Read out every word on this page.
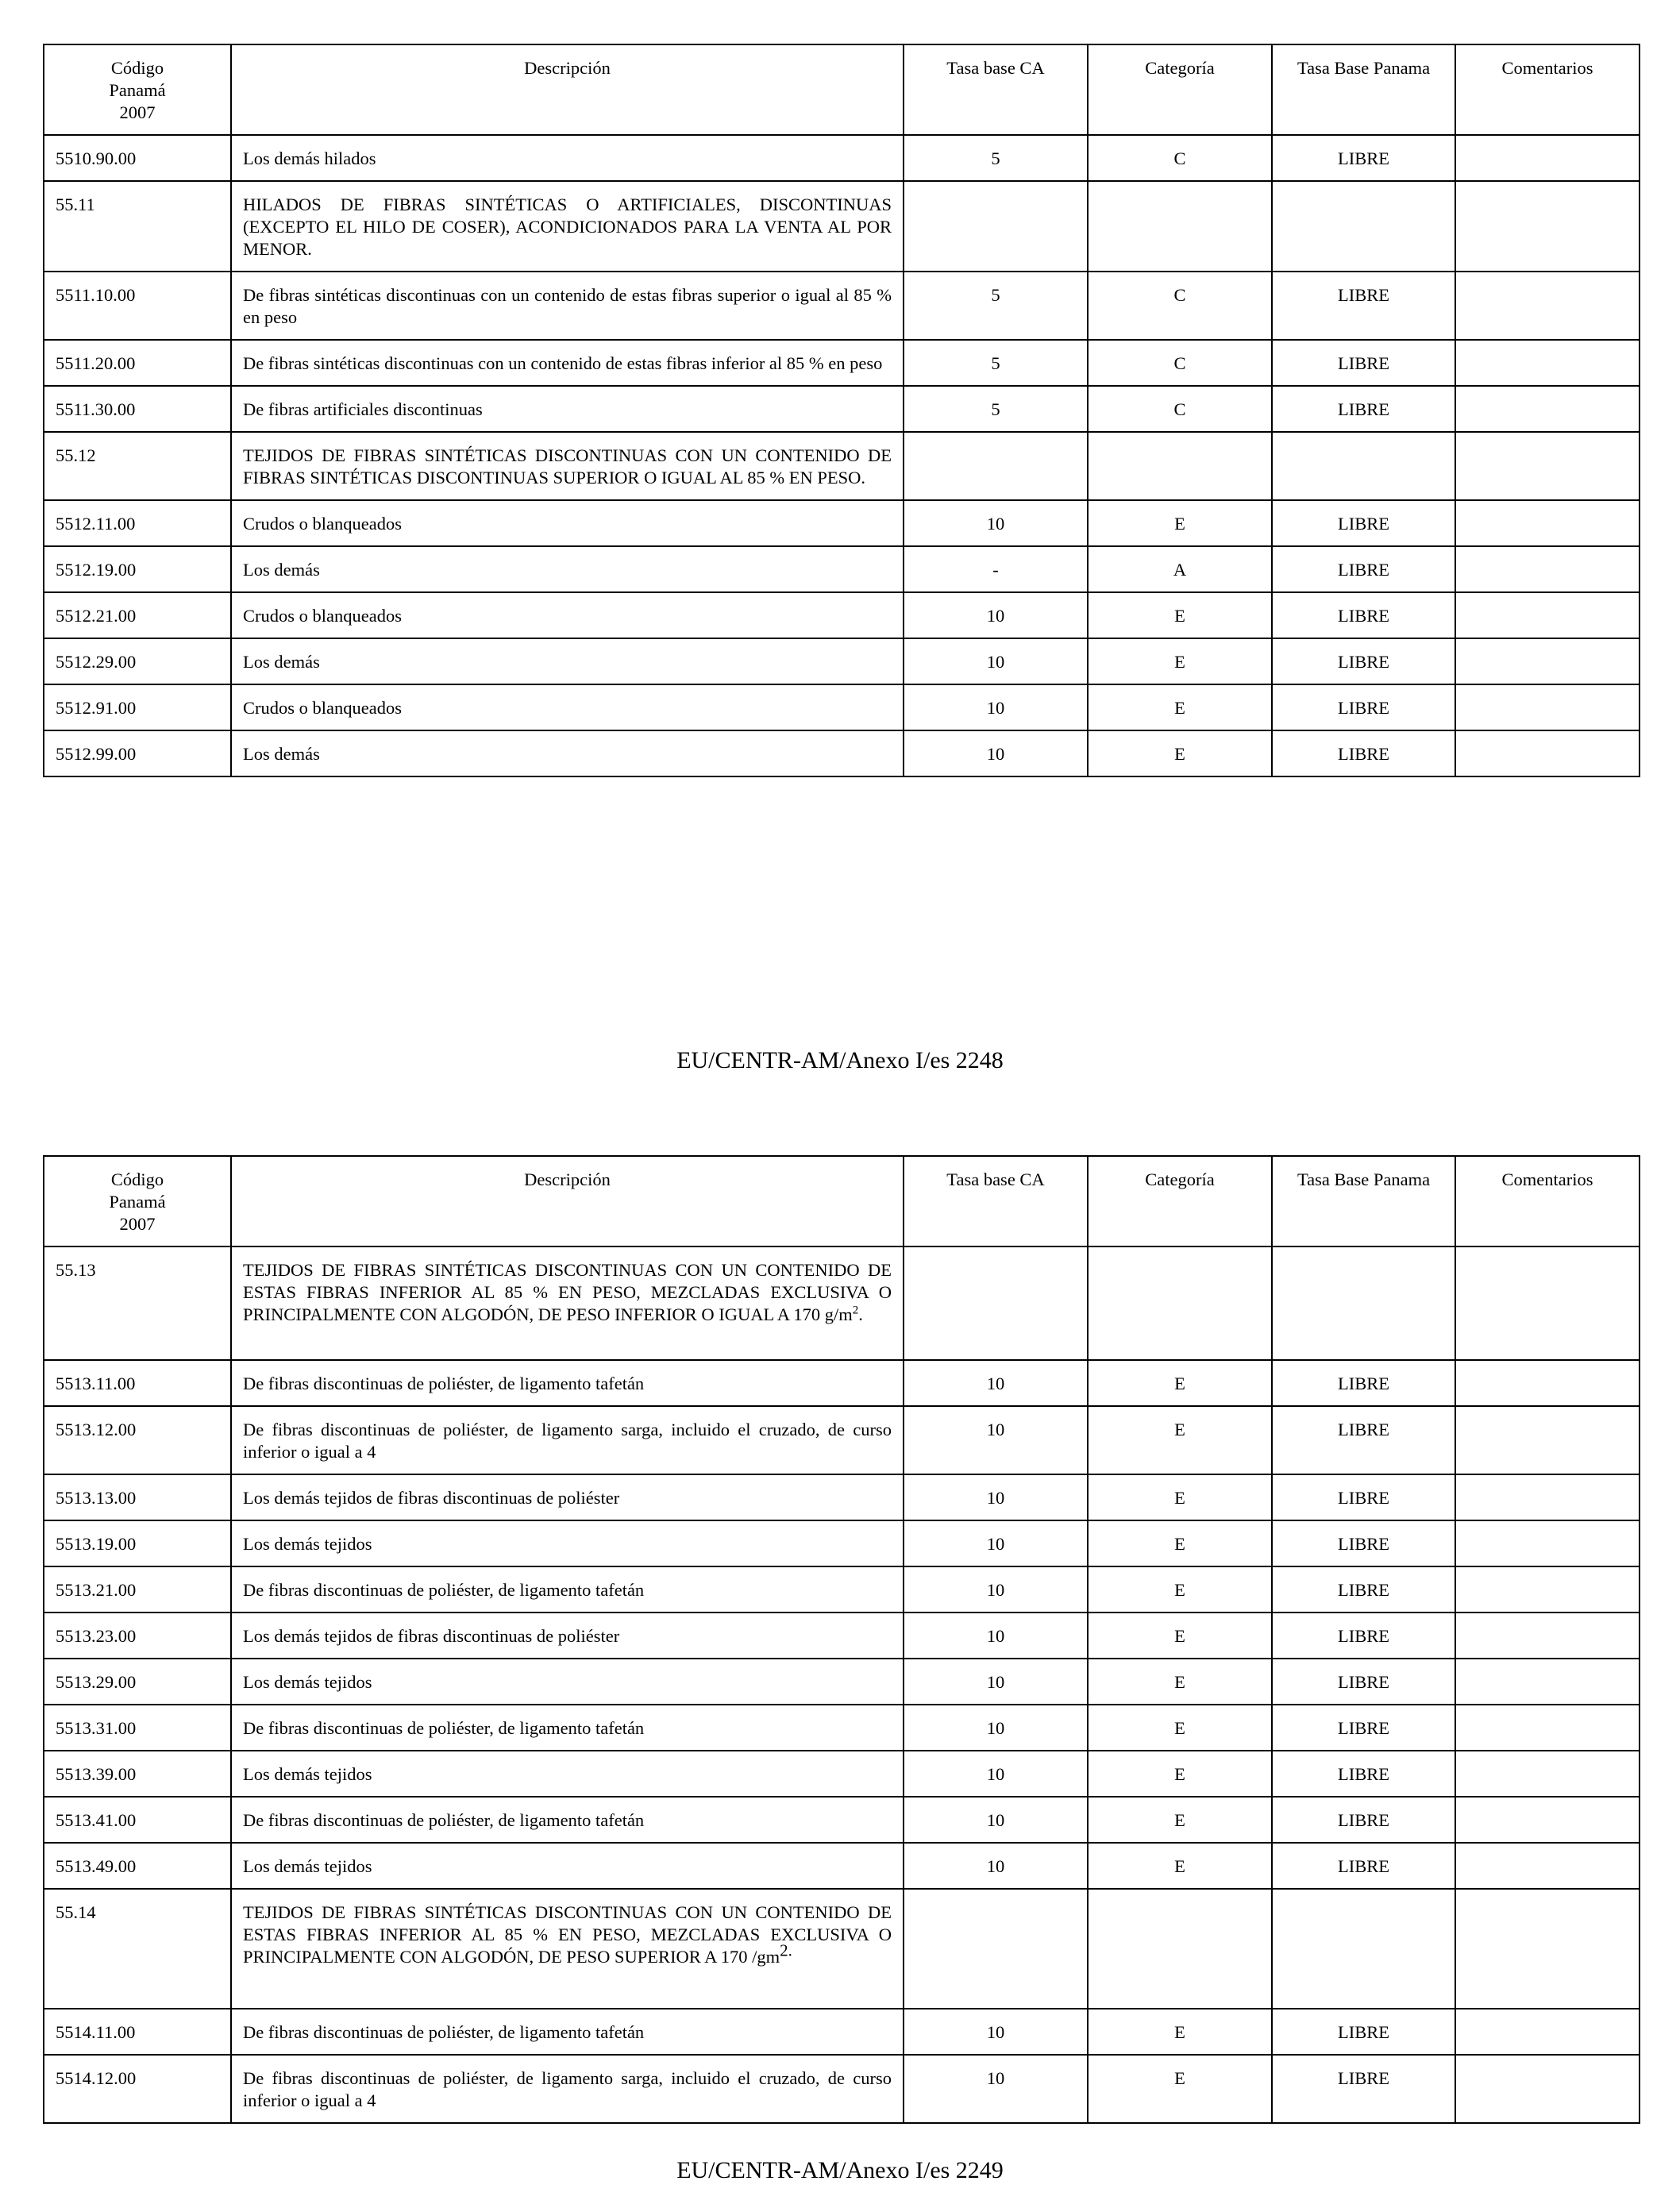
Código
Panamá
2007	Descripción	Tasa base CA	Categoría	Tasa Base Panama	Comentarios
5510.90.00	Los demás hilados	5	C	LIBRE	
55.11	HILADOS DE FIBRAS SINTÉTICAS O ARTIFICIALES, DISCONTINUAS (EXCEPTO EL HILO DE COSER), ACONDICIONADOS PARA LA VENTA AL POR MENOR.				
5511.10.00	De fibras sintéticas discontinuas con un contenido de estas fibras superior o igual al 85 % en peso	5	C	LIBRE	
5511.20.00	De fibras sintéticas discontinuas con un contenido de estas fibras inferior al 85 % en peso	5	C	LIBRE	
5511.30.00	De fibras artificiales discontinuas	5	C	LIBRE	
55.12	TEJIDOS DE FIBRAS SINTÉTICAS DISCONTINUAS CON UN CONTENIDO DE FIBRAS SINTÉTICAS DISCONTINUAS SUPERIOR O IGUAL AL 85 % EN PESO.				
5512.11.00	Crudos o blanqueados	10	E	LIBRE	
5512.19.00	Los demás	-	A	LIBRE	
5512.21.00	Crudos o blanqueados	10	E	LIBRE	
5512.29.00	Los demás	10	E	LIBRE	
5512.91.00	Crudos o blanqueados	10	E	LIBRE	
5512.99.00	Los demás	10	E	LIBRE	
EU/CENTR-AM/Anexo I/es 2248
Código
Panamá
2007	Descripción	Tasa base CA	Categoría	Tasa Base Panama	Comentarios
55.13	TEJIDOS DE FIBRAS SINTÉTICAS DISCONTINUAS CON UN CONTENIDO DE ESTAS FIBRAS INFERIOR AL 85 % EN PESO, MEZCLADAS EXCLUSIVA O PRINCIPALMENTE CON ALGODÓN, DE PESO INFERIOR O IGUAL A 170 $g/m^2$.				
5513.11.00	De fibras discontinuas de poliéster, de ligamento tafetán	10	E	LIBRE	
5513.12.00	De fibras discontinuas de poliéster, de ligamento sarga, incluido el cruzado, de curso inferior o igual a 4	10	E	LIBRE	
5513.13.00	Los demás tejidos de fibras discontinuas de poliéster	10	E	LIBRE	
5513.19.00	Los demás tejidos	10	E	LIBRE	
5513.21.00	De fibras discontinuas de poliéster, de ligamento tafetán	10	E	LIBRE	
5513.23.00	Los demás tejidos de fibras discontinuas de poliéster	10	E	LIBRE	
5513.29.00	Los demás tejidos	10	E	LIBRE	
5513.31.00	De fibras discontinuas de poliéster, de ligamento tafetán	10	E	LIBRE	
5513.39.00	Los demás tejidos	10	E	LIBRE	
5513.41.00	De fibras discontinuas de poliéster, de ligamento tafetán	10	E	LIBRE	
5513.49.00	Los demás tejidos	10	E	LIBRE	
55.14	TEJIDOS DE FIBRAS SINTÉTICAS DISCONTINUAS CON UN CONTENIDO DE ESTAS FIBRAS INFERIOR AL 85 % EN PESO, MEZCLADAS EXCLUSIVA O PRINCIPALMENTE CON ALGODÓN, DE PESO SUPERIOR A 170 $/gm^{2.}$				
5514.11.00	De fibras discontinuas de poliéster, de ligamento tafetán	10	E	LIBRE	
5514.12.00	De fibras discontinuas de poliéster, de ligamento sarga, incluido el cruzado, de curso inferior o igual a 4	10	E	LIBRE	
EU/CENTR-AM/Anexo I/es 2249
